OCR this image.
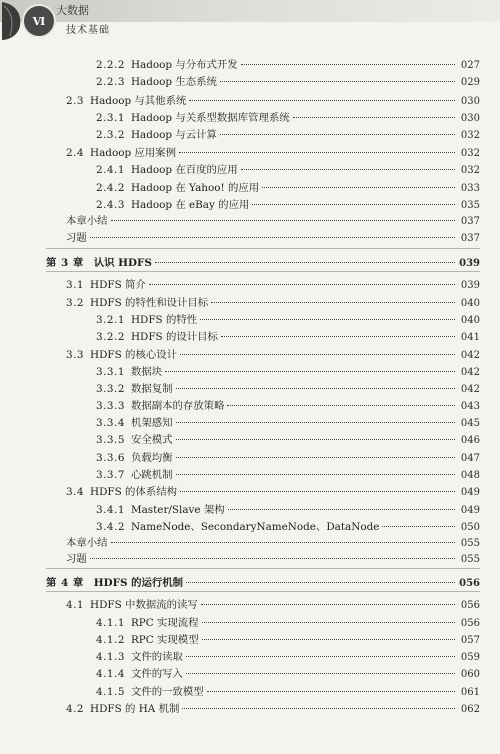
Ⅵ
大数据
技术基础
2.2.2 Hadoop 与分布式开发	027
2.2.3 Hadoop 生态系统	029
2.3 Hadoop 与其他系统	030
2.3.1 Hadoop 与关系型数据库管理系统	030
2.3.2 Hadoop 与云计算	032
2.4 Hadoop 应用案例	032
2.4.1 Hadoop 在百度的应用	032
2.4.2 Hadoop 在 Yahoo! 的应用	033
2.4.3 Hadoop 在 eBay 的应用	035
本章小结	037
习题	037
第 3 章 认识 HDFS	039
3.1 HDFS 简介	039
3.2 HDFS 的特性和设计目标	040
3.2.1 HDFS 的特性	040
3.2.2 HDFS 的设计目标	041
3.3 HDFS 的核心设计	042
3.3.1 数据块	042
3.3.2 数据复制	042
3.3.3 数据副本的存放策略	043
3.3.4 机架感知	045
3.3.5 安全模式	046
3.3.6 负载均衡	047
3.3.7 心跳机制	048
3.4 HDFS 的体系结构	049
3.4.1 Master/Slave 架构	049
3.4.2 NameNode、SecondaryNameNode、DataNode	050
本章小结	055
习题	055
第 4 章 HDFS 的运行机制	056
4.1 HDFS 中数据流的读写	056
4.1.1 RPC 实现流程	056
4.1.2 RPC 实现模型	057
4.1.3 文件的读取	059
4.1.4 文件的写入	060
4.1.5 文件的一致模型	061
4.2 HDFS 的 HA 机制	062
